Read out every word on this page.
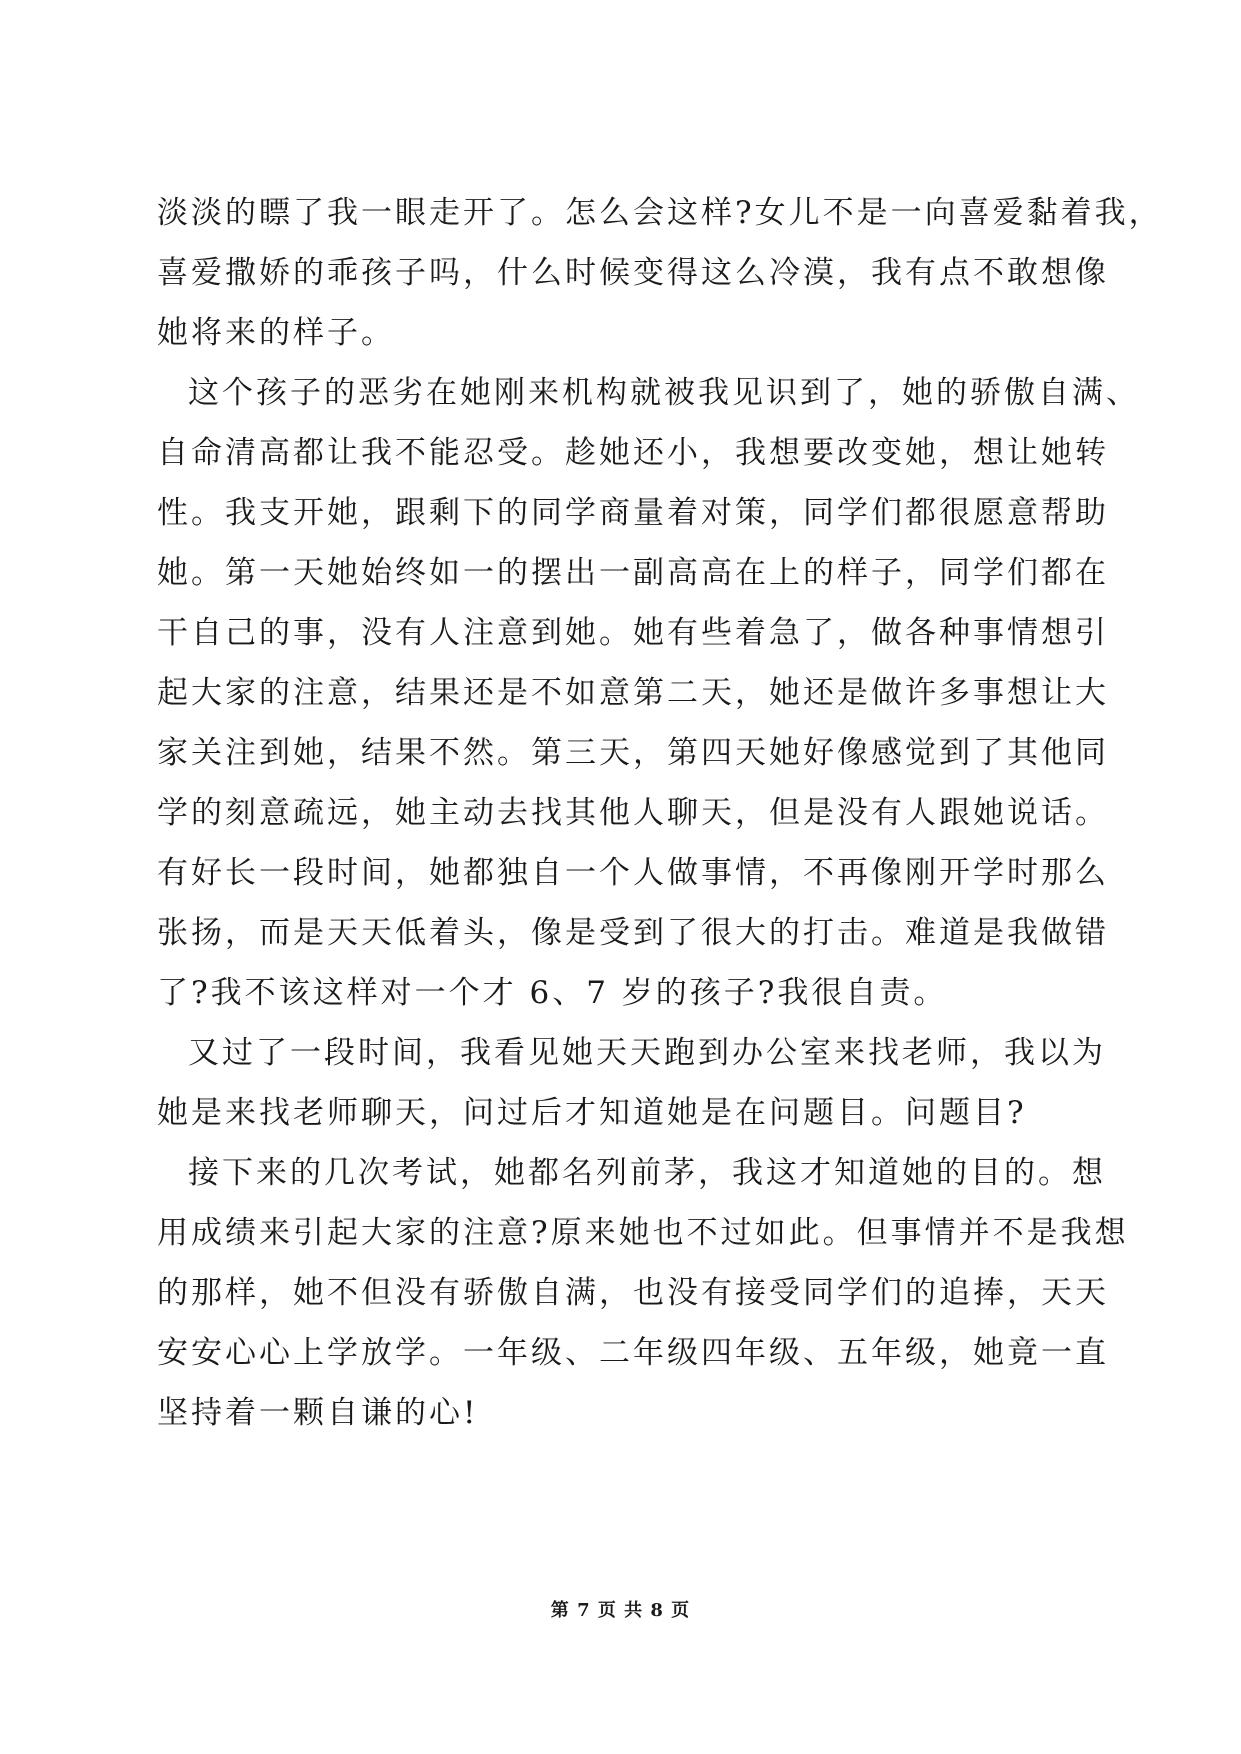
淡淡的瞟了我一眼走开了。怎么会这样?女儿不是一向喜爱黏着我，
喜爱撒娇的乖孩子吗，什么时候变得这么冷漠，我有点不敢想像
她将来的样子。
这个孩子的恶劣在她刚来机构就被我见识到了，她的骄傲自满、
自命清高都让我不能忍受。趁她还小，我想要改变她，想让她转
性。我支开她，跟剩下的同学商量着对策，同学们都很愿意帮助
她。第一天她始终如一的摆出一副高高在上的样子，同学们都在
干自己的事，没有人注意到她。她有些着急了，做各种事情想引
起大家的注意，结果还是不如意第二天，她还是做许多事想让大
家关注到她，结果不然。第三天，第四天她好像感觉到了其他同
学的刻意疏远，她主动去找其他人聊天，但是没有人跟她说话。
有好长一段时间，她都独自一个人做事情，不再像刚开学时那么
张扬，而是天天低着头，像是受到了很大的打击。难道是我做错
了?我不该这样对一个才 6、7 岁的孩子?我很自责。
又过了一段时间，我看见她天天跑到办公室来找老师，我以为
她是来找老师聊天，问过后才知道她是在问题目。问题目?
接下来的几次考试，她都名列前茅，我这才知道她的目的。想
用成绩来引起大家的注意?原来她也不过如此。但事情并不是我想
的那样，她不但没有骄傲自满，也没有接受同学们的追捧，天天
安安心心上学放学。一年级、二年级四年级、五年级，她竟一直
坚持着一颗自谦的心!
第 7 页 共 8 页
